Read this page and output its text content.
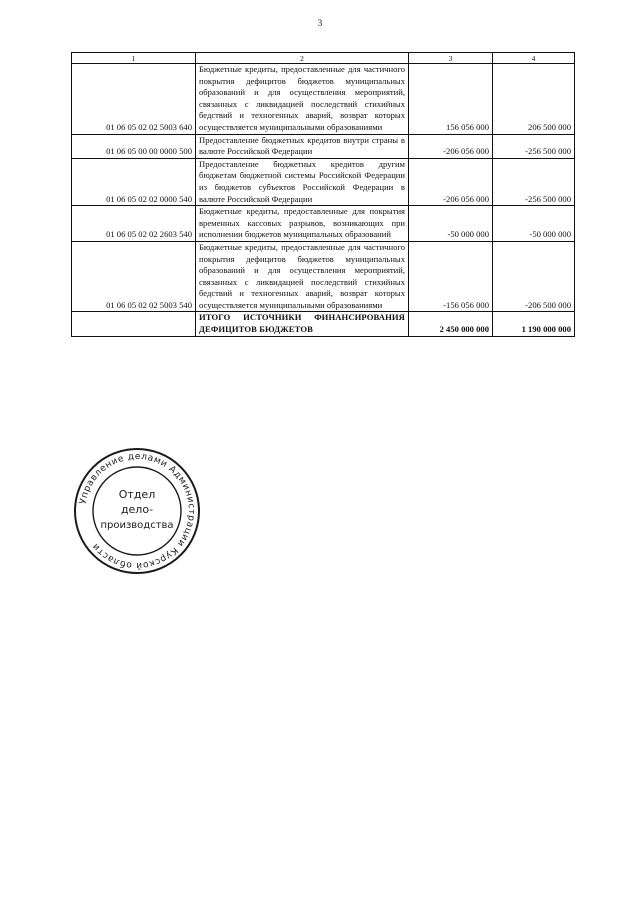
3
1	2	3	4
01 06 05 02 02 5003 640	Бюджетные кредиты, предоставленные для частичного покрытия дефицитов бюджетов муниципальных образований и для осуществления мероприятий, связанных с ликвидацией последствий стихийных бедствий и техногенных аварий, возврат которых осуществляется муниципальными образованиями	156 056 000	206 500 000
01 06 05 00 00 0000 500	Предоставление бюджетных кредитов внутри страны в валюте Российской Федерации	-206 056 000	-256 500 000
01 06 05 02 02 0000 540	Предоставление бюджетных кредитов другим бюджетам бюджетной системы Российской Федерации из бюджетов субъектов Российской Федерации в валюте Российской Федерации	-206 056 000	-256 500 000
01 06 05 02 02 2603 540	Бюджетные кредиты, предоставленные для покрытия временных кассовых разрывов, возникающих при исполнении бюджетов муниципальных образований	-50 000 000	-50 000 000
01 06 05 02 02 5003 540	Бюджетные кредиты, предоставленные для частичного покрытия дефицитов бюджетов муниципальных образований и для осуществления мероприятий, связанных с ликвидацией последствий стихийных бедствий и техногенных аварий, возврат которых осуществляется муниципальными образованиями	-156 056 000	-206 500 000
	ИТОГО ИСТОЧНИКИ ФИНАНСИРОВАНИЯ ДЕФИЦИТОВ БЮДЖЕТОВ	2 450 000 000	1 190 000 000
Управление делами Администрации Курской области
Отдел
дело-
производства
